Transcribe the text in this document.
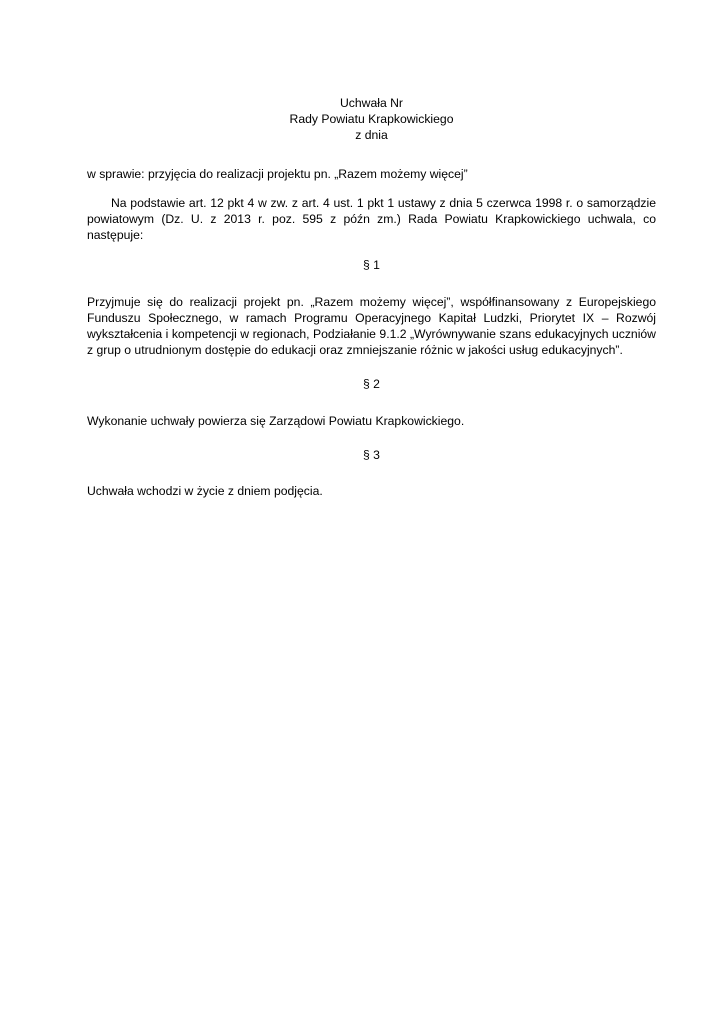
Uchwała Nr
Rady Powiatu Krapkowickiego
z dnia

w sprawie: przyjęcia do realizacji projektu pn. „Razem możemy więcej”

Na podstawie art. 12 pkt 4 w zw. z art. 4 ust. 1 pkt 1 ustawy z dnia 5 czerwca 1998 r. o samorządzie powiatowym (Dz. U. z 2013 r. poz. 595 z późn zm.) Rada Powiatu Krapkowickiego uchwala, co następuje:

§ 1

Przyjmuje się do realizacji projekt pn. „Razem możemy więcej”, współfinansowany z Europejskiego Funduszu Społecznego, w ramach Programu Operacyjnego Kapitał Ludzki, Priorytet IX – Rozwój wykształcenia i kompetencji w regionach, Podziałanie 9.1.2 „Wyrównywanie szans edukacyjnych uczniów z grup o utrudnionym dostępie do edukacji oraz zmniejszanie różnic w jakości usług edukacyjnych”.

§ 2

Wykonanie uchwały powierza się Zarządowi Powiatu Krapkowickiego.

§ 3

Uchwała wchodzi w życie z dniem podjęcia.
